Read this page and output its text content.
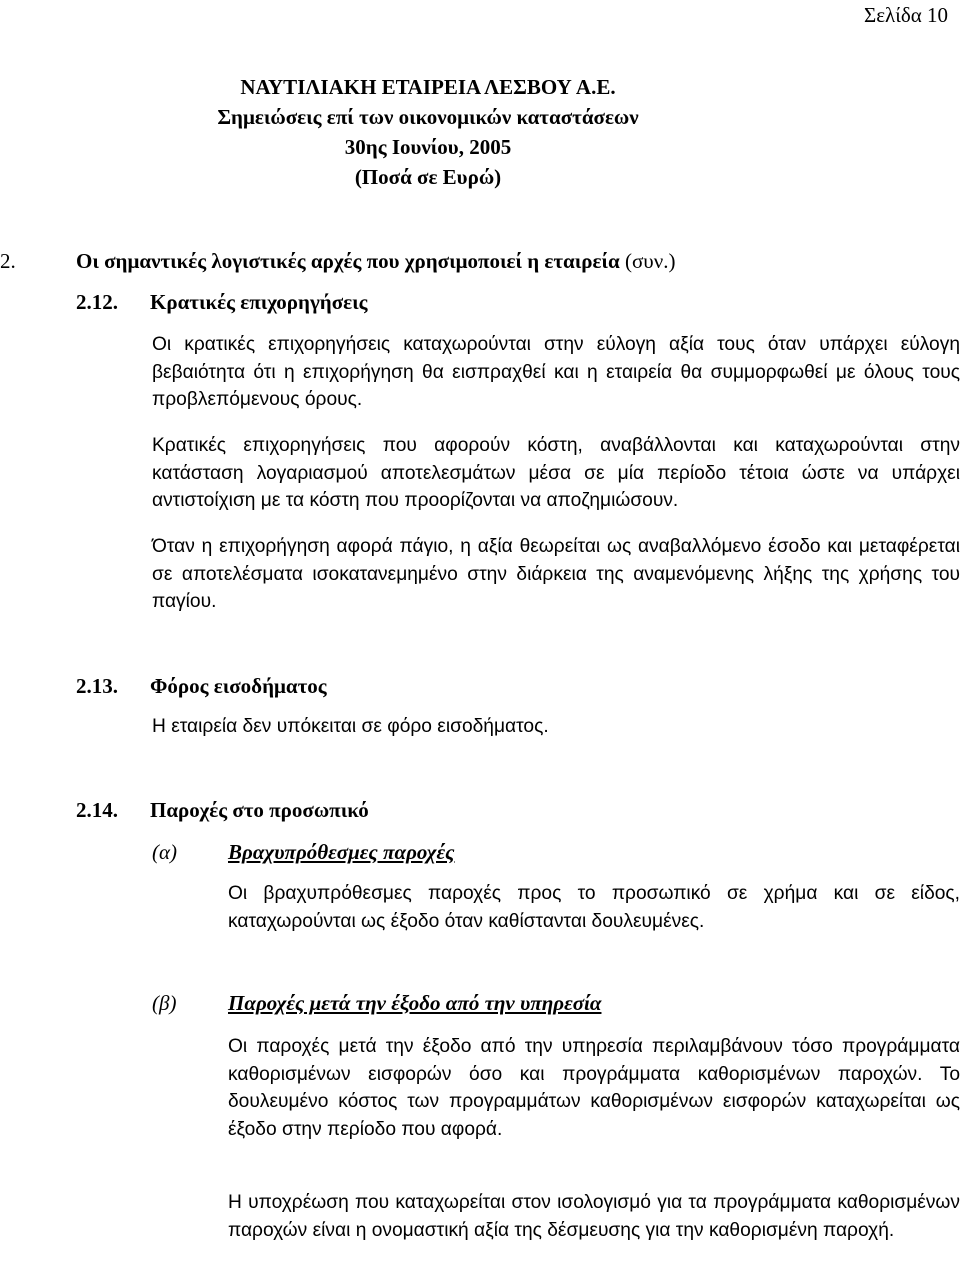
Σελίδα 10
ΝΑΥΤΙΛΙΑΚΗ ΕΤΑΙΡΕΙΑ ΛΕΣΒΟΥ Α.Ε.
Σημειώσεις επί των οικονομικών καταστάσεων
30ης Ιουνίου, 2005
(Ποσά σε Ευρώ)
2.	Οι σημαντικές λογιστικές αρχές που χρησιμοποιεί η εταιρεία (συν.)
2.12. Κρατικές επιχορηγήσεις
Οι κρατικές επιχορηγήσεις καταχωρούνται στην εύλογη αξία τους όταν υπάρχει εύλογη βεβαιότητα ότι η επιχορήγηση θα εισπραχθεί και η εταιρεία θα συμμορφωθεί με όλους τους προβλεπόμενους όρους.
Κρατικές επιχορηγήσεις που αφορούν κόστη, αναβάλλονται και καταχωρούνται στην κατάσταση λογαριασμού αποτελεσμάτων μέσα σε μία περίοδο τέτοια ώστε να υπάρχει αντιστοίχιση με τα κόστη που προορίζονται να αποζημιώσουν.
Όταν η επιχορήγηση αφορά πάγιο, η αξία θεωρείται ως αναβαλλόμενο έσοδο και μεταφέρεται σε αποτελέσματα ισοκατανεμημένο στην διάρκεια της αναμενόμενης λήξης της χρήσης του παγίου.
2.13. Φόρος εισοδήματος
Η εταιρεία δεν υπόκειται σε φόρο εισοδήματος.
2.14. Παροχές στο προσωπικό
(α) Βραχυπρόθεσμες παροχές
Οι βραχυπρόθεσμες παροχές προς το προσωπικό σε χρήμα και σε είδος, καταχωρούνται ως έξοδο όταν καθίστανται δουλευμένες.
(β) Παροχές μετά την έξοδο από την υπηρεσία
Οι παροχές μετά την έξοδο από την υπηρεσία περιλαμβάνουν τόσο προγράμματα καθορισμένων εισφορών όσο και προγράμματα καθορισμένων παροχών. Το δουλευμένο κόστος των προγραμμάτων καθορισμένων εισφορών καταχωρείται ως έξοδο στην περίοδο που αφορά.
Η υποχρέωση που καταχωρείται στον ισολογισμό για τα προγράμματα καθορισμένων παροχών είναι η ονομαστική αξία της δέσμευσης για την καθορισμένη παροχή.
